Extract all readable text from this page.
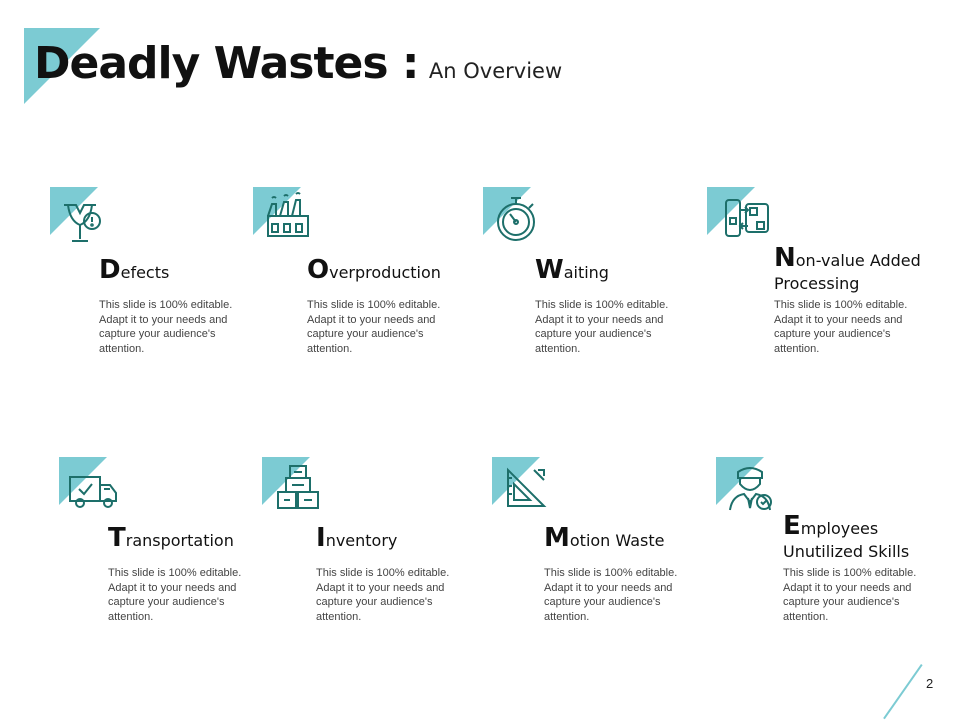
Deadly Wastes : An Overview
Defects
This slide is 100% editable. Adapt it to your needs and capture your audience's attention.
Overproduction
This slide is 100% editable. Adapt it to your needs and capture your audience's attention.
Waiting
This slide is 100% editable. Adapt it to your needs and capture your audience's attention.
Non-value Added
Processing
This slide is 100% editable. Adapt it to your needs and capture your audience's attention.
Transportation
This slide is 100% editable. Adapt it to your needs and capture your audience's attention.
Inventory
This slide is 100% editable. Adapt it to your needs and capture your audience's attention.
Motion Waste
This slide is 100% editable. Adapt it to your needs and capture your audience's attention.
Employees
Unutilized Skills
This slide is 100% editable. Adapt it to your needs and capture your audience's attention.
2
